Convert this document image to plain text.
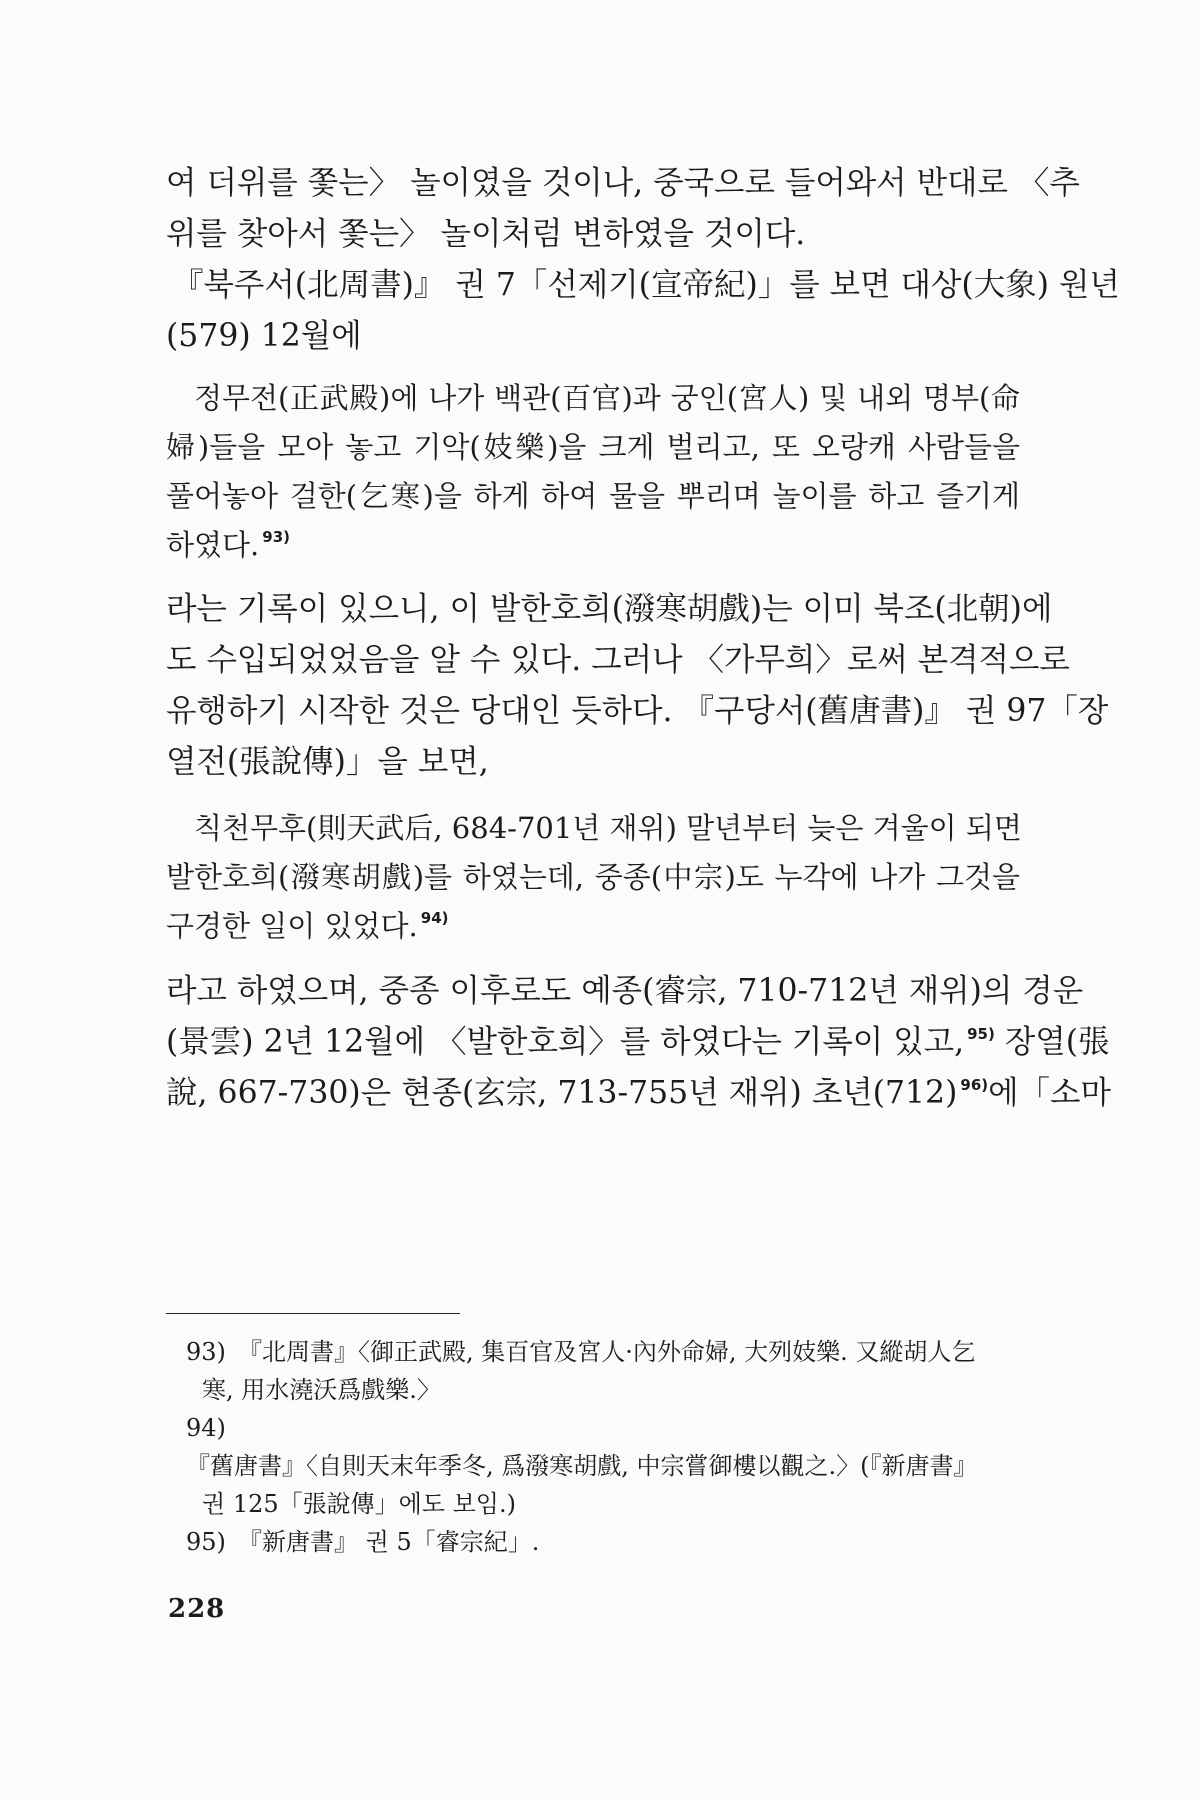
여 더위를 쫓는〉 놀이였을 것이나, 중국으로 들어와서 반대로 〈추
위를 찾아서 쫓는〉 놀이처럼 변하였을 것이다.
『북주서(北周書)』 권 7「선제기(宣帝紀)」를 보면 대상(大象) 원년
(579) 12월에
정무전(正武殿)에 나가 백관(百官)과 궁인(宮人) 및 내외 명부(命
婦)들을 모아 놓고 기악(妓樂)을 크게 벌리고, 또 오랑캐 사람들을
풀어놓아 걸한(乞寒)을 하게 하여 물을 뿌리며 놀이를 하고 즐기게
하였다. $^{93)}$
라는 기록이 있으니, 이 발한호희(潑寒胡戲)는 이미 북조(北朝)에
도 수입되었었음을 알 수 있다. 그러나 〈가무희〉로써 본격적으로
유행하기 시작한 것은 당대인 듯하다. 『구당서(舊唐書)』 권 97「장
열전(張說傳)」을 보면,
칙천무후(則天武后, 684-701년 재위) 말년부터 늦은 겨울이 되면
발한호희(潑寒胡戲)를 하였는데, 중종(中宗)도 누각에 나가 그것을
구경한 일이 있었다. $^{94)}$
라고 하였으며, 중종 이후로도 예종(睿宗, 710-712년 재위)의 경운
(景雲) 2년 12월에 〈발한호희〉를 하였다는 기록이 있고, $^{95)}$ 장열(張
說, 667-730)은 현종(玄宗, 713-755년 재위) 초년(712) $^{96)}$에「소마
93) 『北周書』〈御正武殿, 集百官及宮人·內外命婦, 大列妓樂. 又縱胡人乞
寒, 用水澆沃爲戲樂.〉
94)『舊唐書』〈自則天末年季冬, 爲潑寒胡戲, 中宗嘗御樓以觀之.〉(『新唐書』
권 125「張說傳」에도 보임.)
95) 『新唐書』 권 5「睿宗紀」.
228
